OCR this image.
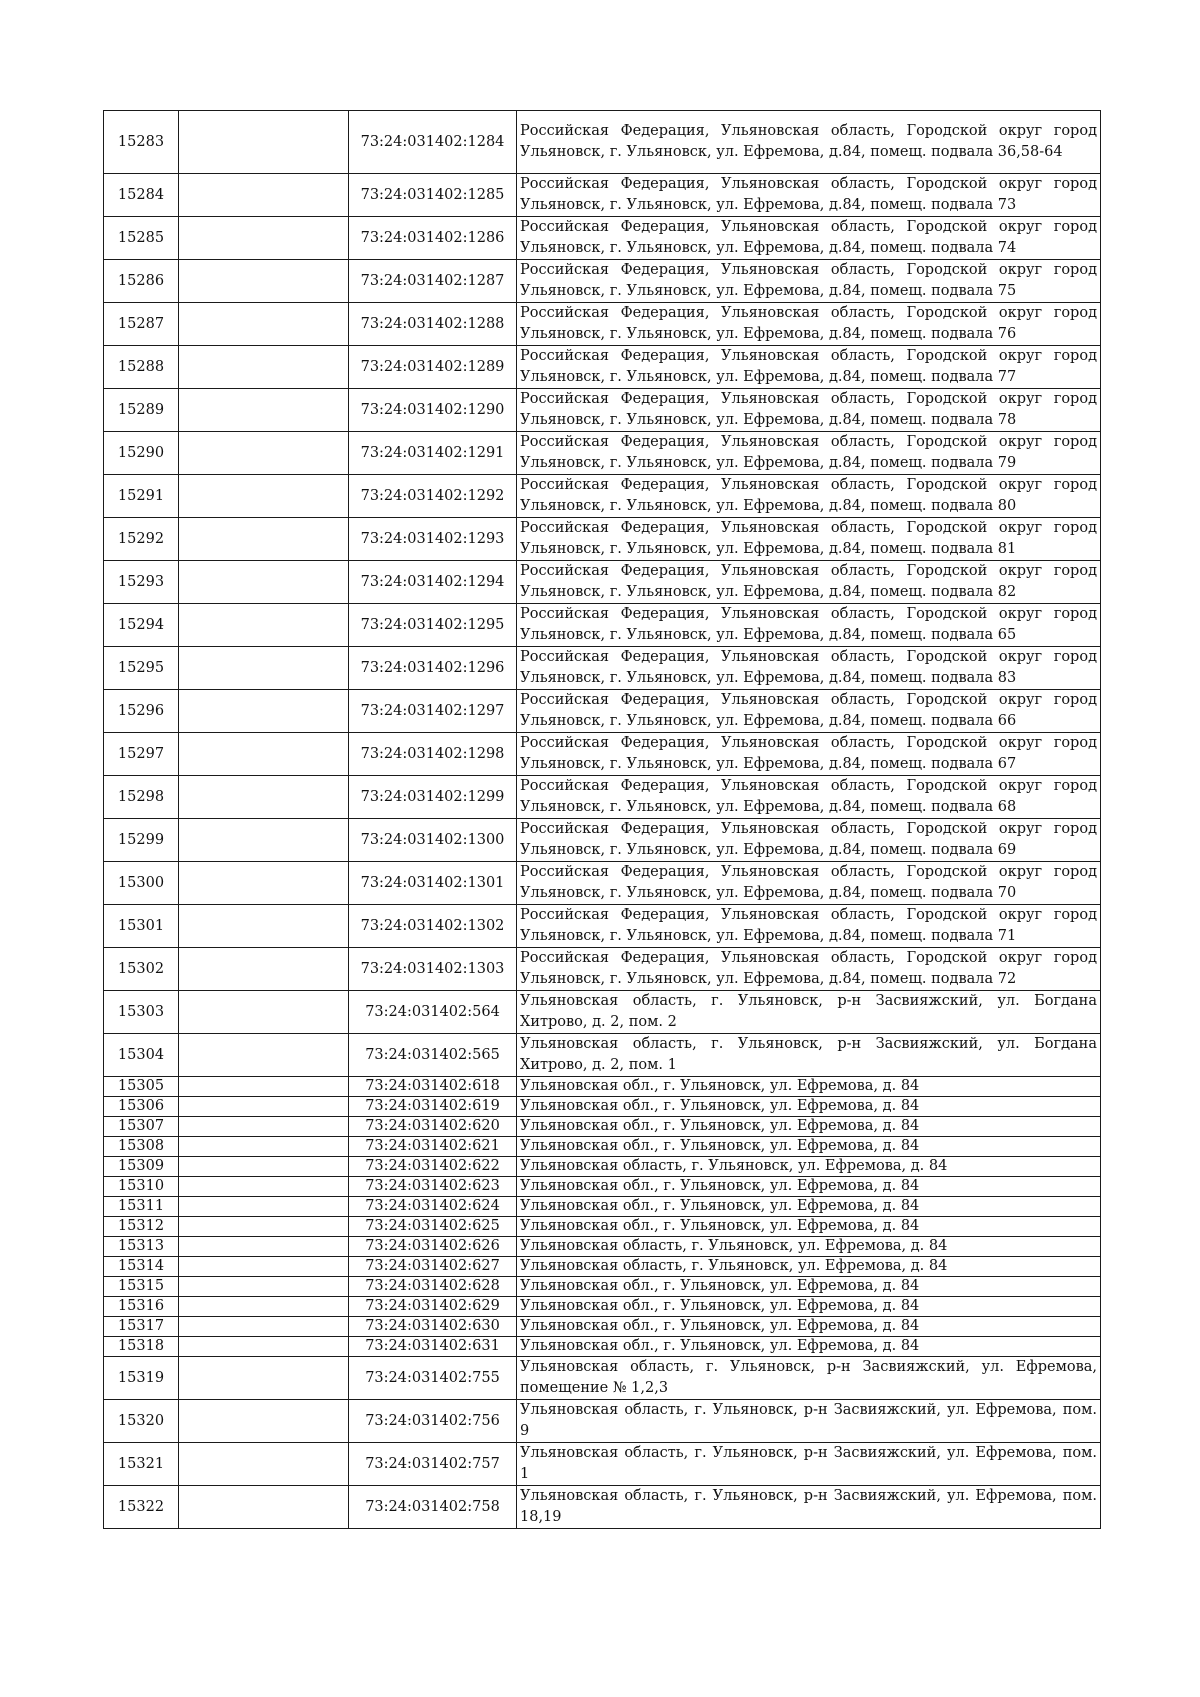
15283		73:24:031402:1284	Российская Федерация, Ульяновская область, Городской округ город Ульяновск, г. Ульяновск, ул. Ефремова, д.84, помещ. подвала 36,58-64
15284		73:24:031402:1285	Российская Федерация, Ульяновская область, Городской округ город Ульяновск, г. Ульяновск, ул. Ефремова, д.84, помещ. подвала 73
15285		73:24:031402:1286	Российская Федерация, Ульяновская область, Городской округ город Ульяновск, г. Ульяновск, ул. Ефремова, д.84, помещ. подвала 74
15286		73:24:031402:1287	Российская Федерация, Ульяновская область, Городской округ город Ульяновск, г. Ульяновск, ул. Ефремова, д.84, помещ. подвала 75
15287		73:24:031402:1288	Российская Федерация, Ульяновская область, Городской округ город Ульяновск, г. Ульяновск, ул. Ефремова, д.84, помещ. подвала 76
15288		73:24:031402:1289	Российская Федерация, Ульяновская область, Городской округ город Ульяновск, г. Ульяновск, ул. Ефремова, д.84, помещ. подвала 77
15289		73:24:031402:1290	Российская Федерация, Ульяновская область, Городской округ город Ульяновск, г. Ульяновск, ул. Ефремова, д.84, помещ. подвала 78
15290		73:24:031402:1291	Российская Федерация, Ульяновская область, Городской округ город Ульяновск, г. Ульяновск, ул. Ефремова, д.84, помещ. подвала 79
15291		73:24:031402:1292	Российская Федерация, Ульяновская область, Городской округ город Ульяновск, г. Ульяновск, ул. Ефремова, д.84, помещ. подвала 80
15292		73:24:031402:1293	Российская Федерация, Ульяновская область, Городской округ город Ульяновск, г. Ульяновск, ул. Ефремова, д.84, помещ. подвала 81
15293		73:24:031402:1294	Российская Федерация, Ульяновская область, Городской округ город Ульяновск, г. Ульяновск, ул. Ефремова, д.84, помещ. подвала 82
15294		73:24:031402:1295	Российская Федерация, Ульяновская область, Городской округ город Ульяновск, г. Ульяновск, ул. Ефремова, д.84, помещ. подвала 65
15295		73:24:031402:1296	Российская Федерация, Ульяновская область, Городской округ город Ульяновск, г. Ульяновск, ул. Ефремова, д.84, помещ. подвала 83
15296		73:24:031402:1297	Российская Федерация, Ульяновская область, Городской округ город Ульяновск, г. Ульяновск, ул. Ефремова, д.84, помещ. подвала 66
15297		73:24:031402:1298	Российская Федерация, Ульяновская область, Городской округ город Ульяновск, г. Ульяновск, ул. Ефремова, д.84, помещ. подвала 67
15298		73:24:031402:1299	Российская Федерация, Ульяновская область, Городской округ город Ульяновск, г. Ульяновск, ул. Ефремова, д.84, помещ. подвала 68
15299		73:24:031402:1300	Российская Федерация, Ульяновская область, Городской округ город Ульяновск, г. Ульяновск, ул. Ефремова, д.84, помещ. подвала 69
15300		73:24:031402:1301	Российская Федерация, Ульяновская область, Городской округ город Ульяновск, г. Ульяновск, ул. Ефремова, д.84, помещ. подвала 70
15301		73:24:031402:1302	Российская Федерация, Ульяновская область, Городской округ город Ульяновск, г. Ульяновск, ул. Ефремова, д.84, помещ. подвала 71
15302		73:24:031402:1303	Российская Федерация, Ульяновская область, Городской округ город Ульяновск, г. Ульяновск, ул. Ефремова, д.84, помещ. подвала 72
15303		73:24:031402:564	Ульяновская область, г. Ульяновск, р-н Засвияжский, ул. Богдана Хитрово, д. 2, пом. 2
15304		73:24:031402:565	Ульяновская область, г. Ульяновск, р-н Засвияжский, ул. Богдана Хитрово, д. 2, пом. 1
15305		73:24:031402:618	Ульяновская обл., г. Ульяновск, ул. Ефремова, д. 84
15306		73:24:031402:619	Ульяновская обл., г. Ульяновск, ул. Ефремова, д. 84
15307		73:24:031402:620	Ульяновская обл., г. Ульяновск, ул. Ефремова, д. 84
15308		73:24:031402:621	Ульяновская обл., г. Ульяновск, ул. Ефремова, д. 84
15309		73:24:031402:622	Ульяновская область, г. Ульяновск, ул. Ефремова, д. 84
15310		73:24:031402:623	Ульяновская обл., г. Ульяновск, ул. Ефремова, д. 84
15311		73:24:031402:624	Ульяновская обл., г. Ульяновск, ул. Ефремова, д. 84
15312		73:24:031402:625	Ульяновская обл., г. Ульяновск, ул. Ефремова, д. 84
15313		73:24:031402:626	Ульяновская область, г. Ульяновск, ул. Ефремова, д. 84
15314		73:24:031402:627	Ульяновская область, г. Ульяновск, ул. Ефремова, д. 84
15315		73:24:031402:628	Ульяновская обл., г. Ульяновск, ул. Ефремова, д. 84
15316		73:24:031402:629	Ульяновская обл., г. Ульяновск, ул. Ефремова, д. 84
15317		73:24:031402:630	Ульяновская обл., г. Ульяновск, ул. Ефремова, д. 84
15318		73:24:031402:631	Ульяновская обл., г. Ульяновск, ул. Ефремова, д. 84
15319		73:24:031402:755	Ульяновская область, г. Ульяновск, р-н Засвияжский, ул. Ефремова, помещение № 1,2,3
15320		73:24:031402:756	Ульяновская область, г. Ульяновск, р-н Засвияжский, ул. Ефремова, пом. 9
15321		73:24:031402:757	Ульяновская область, г. Ульяновск, р-н Засвияжский, ул. Ефремова, пом. 1
15322		73:24:031402:758	Ульяновская область, г. Ульяновск, р-н Засвияжский, ул. Ефремова, пом. 18,19
